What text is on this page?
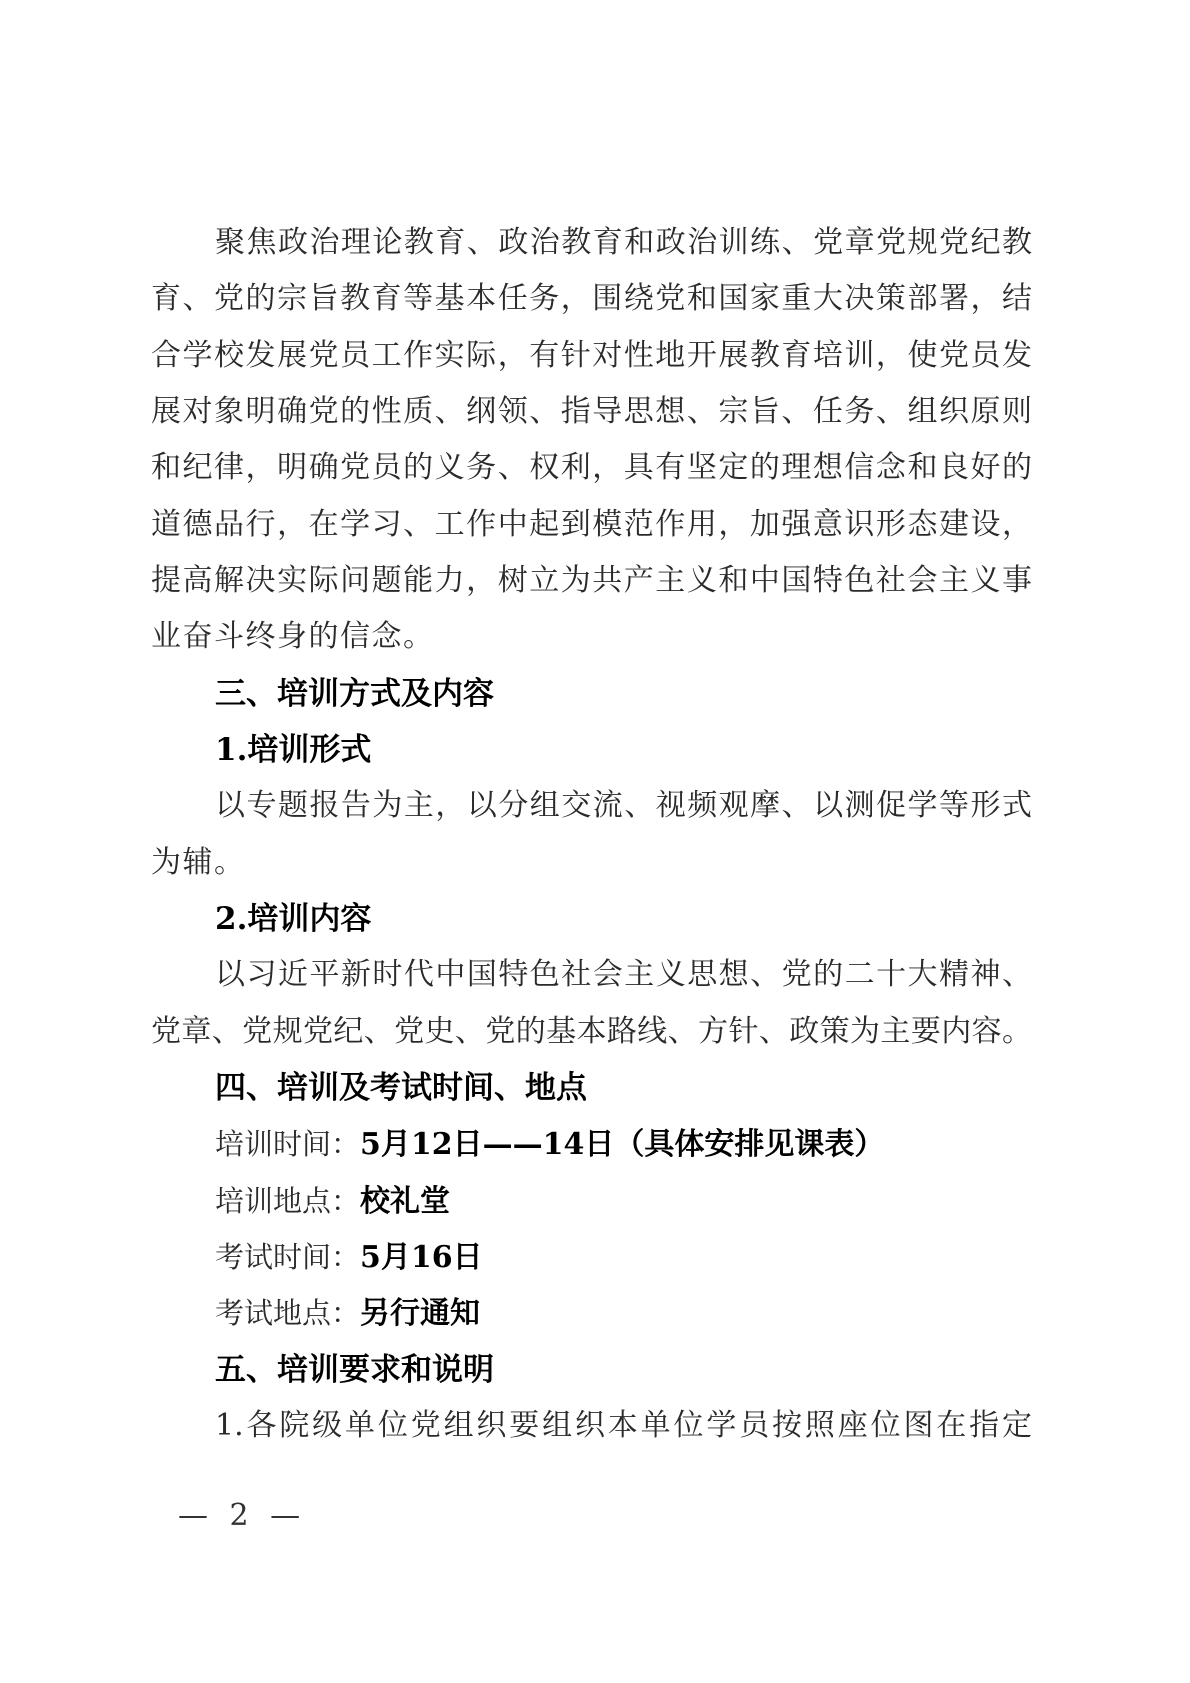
聚焦政治理论教育、政治教育和政治训练、党章党规党纪教
育、党的宗旨教育等基本任务，围绕党和国家重大决策部署，结
合学校发展党员工作实际，有针对性地开展教育培训，使党员发
展对象明确党的性质、纲领、指导思想、宗旨、任务、组织原则
和纪律，明确党员的义务、权利，具有坚定的理想信念和良好的
道德品行，在学习、工作中起到模范作用，加强意识形态建设，
提高解决实际问题能力，树立为共产主义和中国特色社会主义事
业奋斗终身的信念。
三、培训方式及内容
1.培训形式
以专题报告为主，以分组交流、视频观摩、以测促学等形式
为辅。
2.培训内容
以习近平新时代中国特色社会主义思想、党的二十大精神、
党章、党规党纪、党史、党的基本路线、方针、政策为主要内容。
四、培训及考试时间、地点
培训时间：5月12日——14日（具体安排见课表）
培训地点：校礼堂
考试时间：5月16日
考试地点：另行通知
五、培训要求和说明
1.各院级单位党组织要组织本单位学员按照座位图在指定
— 2 —
